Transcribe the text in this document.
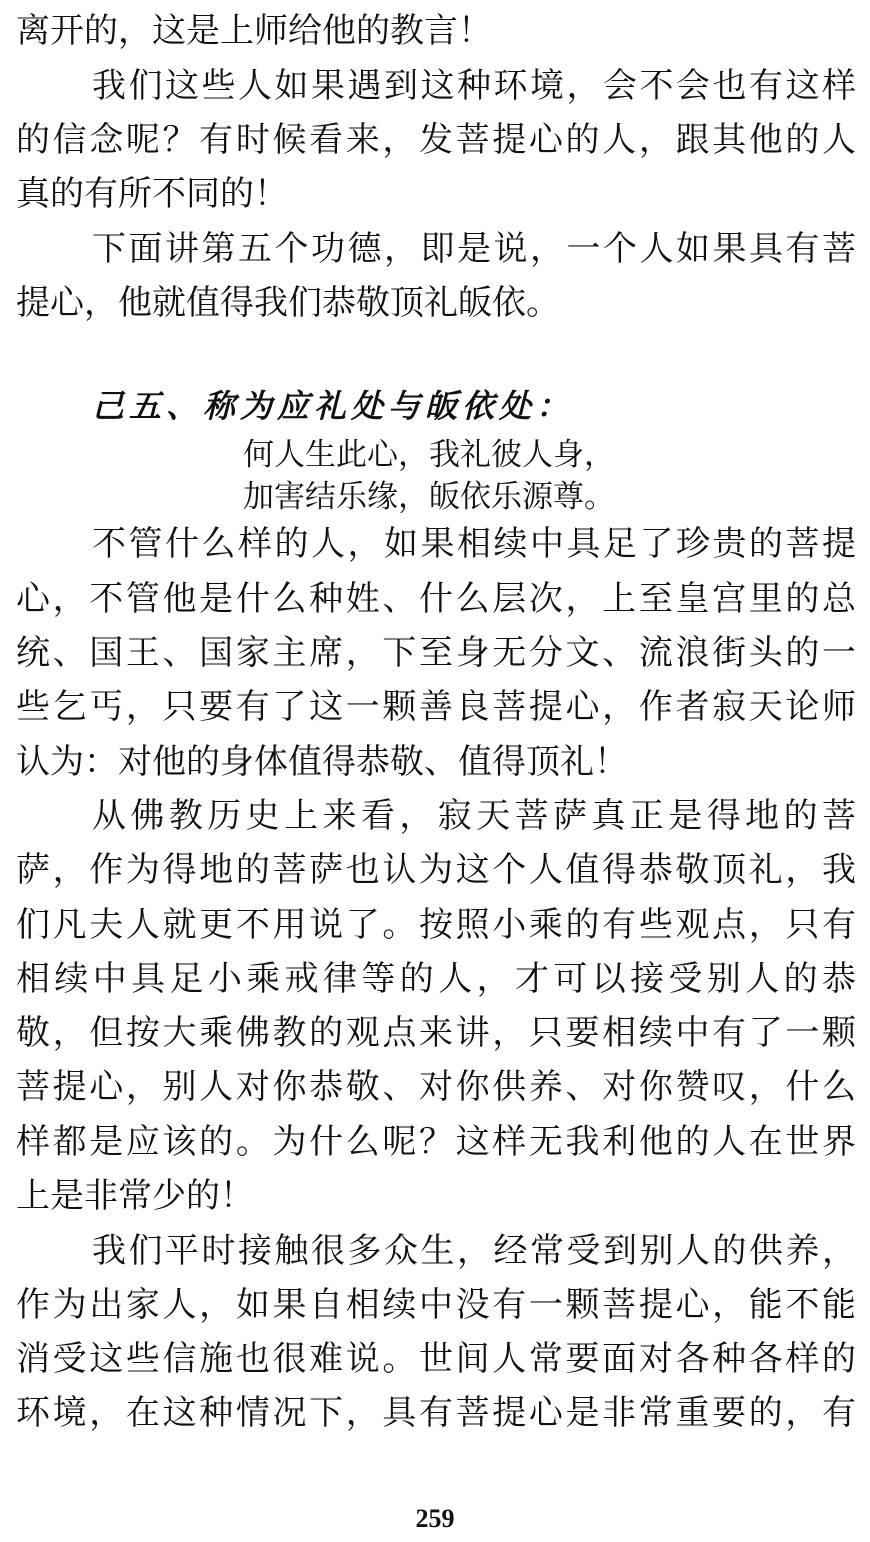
离开的，这是上师给他的教言！
我们这些人如果遇到这种环境，会不会也有这样
的信念呢？有时候看来，发菩提心的人，跟其他的人
真的有所不同的！
下面讲第五个功德，即是说，一个人如果具有菩
提心，他就值得我们恭敬顶礼皈依。
己五、称为应礼处与皈依处：
何人生此心，我礼彼人身，
加害结乐缘，皈依乐源尊。
不管什么样的人，如果相续中具足了珍贵的菩提
心，不管他是什么种姓、什么层次，上至皇宫里的总
统、国王、国家主席，下至身无分文、流浪街头的一
些乞丐，只要有了这一颗善良菩提心，作者寂天论师
认为：对他的身体值得恭敬、值得顶礼！
从佛教历史上来看，寂天菩萨真正是得地的菩
萨，作为得地的菩萨也认为这个人值得恭敬顶礼，我
们凡夫人就更不用说了。按照小乘的有些观点，只有
相续中具足小乘戒律等的人，才可以接受别人的恭
敬，但按大乘佛教的观点来讲，只要相续中有了一颗
菩提心，别人对你恭敬、对你供养、对你赞叹，什么
样都是应该的。为什么呢？这样无我利他的人在世界
上是非常少的！
我们平时接触很多众生，经常受到别人的供养，
作为出家人，如果自相续中没有一颗菩提心，能不能
消受这些信施也很难说。世间人常要面对各种各样的
环境，在这种情况下，具有菩提心是非常重要的，有
259
